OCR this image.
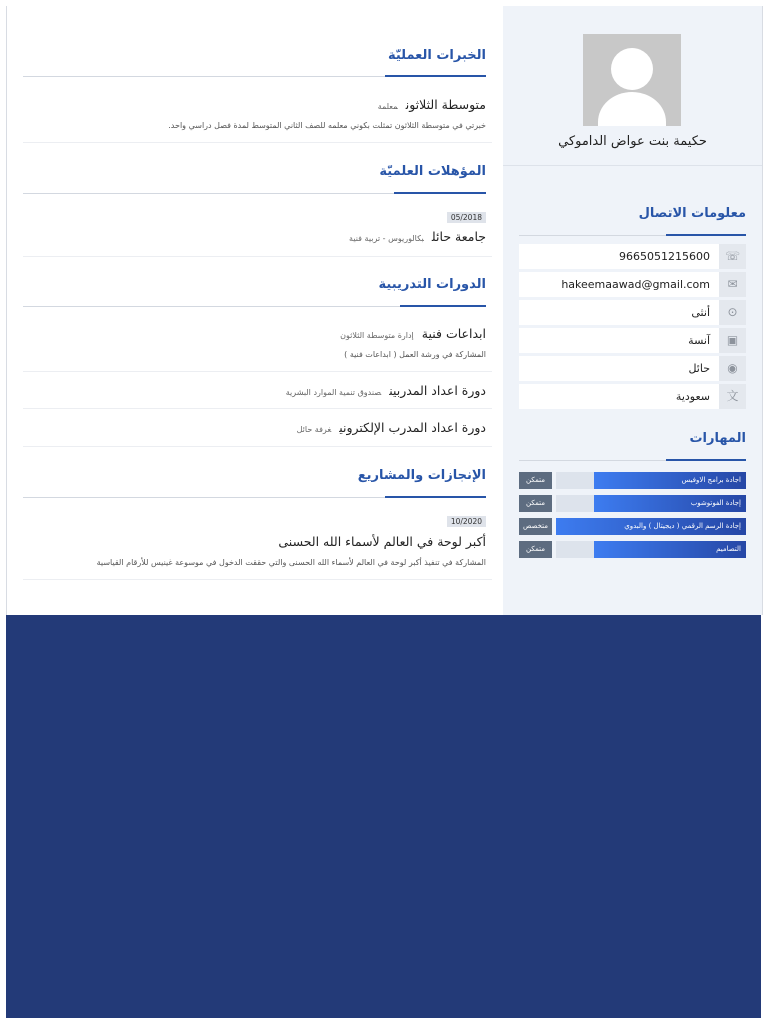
حكيمة بنت عواض الداموكي
معلومات الاتصال
☏
9665051215600
✉
hakeemaawad@gmail.com
⊙
أنثى
▣
آنسة
◉
حائل
文
سعودية
المهارات
اجادة برامج الاوفيس
متمكن
إجادة الفوتوشوب
متمكن
إجادة الرسم الرقمي ( ديجيتال ) والبدوي
متخصص
التصاميم
متمكن
الخبرات العمليّة
متوسطة الثلاثونمعلمة
خبرتي في متوسطة الثلاثون تمثلت بكوني معلمه للصف الثاني المتوسط لمدة فصل دراسي واحد.
المؤهلات العلميّة
05/2018
جامعة حائلبكالوريوس - تربية فنية
الدورات التدريبية
ابداعات فنيةإدارة متوسطة الثلاثون
المشاركة في ورشة العمل ( ابداعات فنية )
دورة اعداد المدربينصندوق تنمية الموارد البشرية
دورة اعداد المدرب الإلكترونيغرفة حائل
الإنجازات والمشاريع
10/2020
أكبر لوحة في العالم لأسماء الله الحسنى
المشاركة في تنفيذ أكبر لوحة في العالم لأسماء الله الحسنى والتي حققت الدخول في موسوعة غينيس للأرقام القياسية
